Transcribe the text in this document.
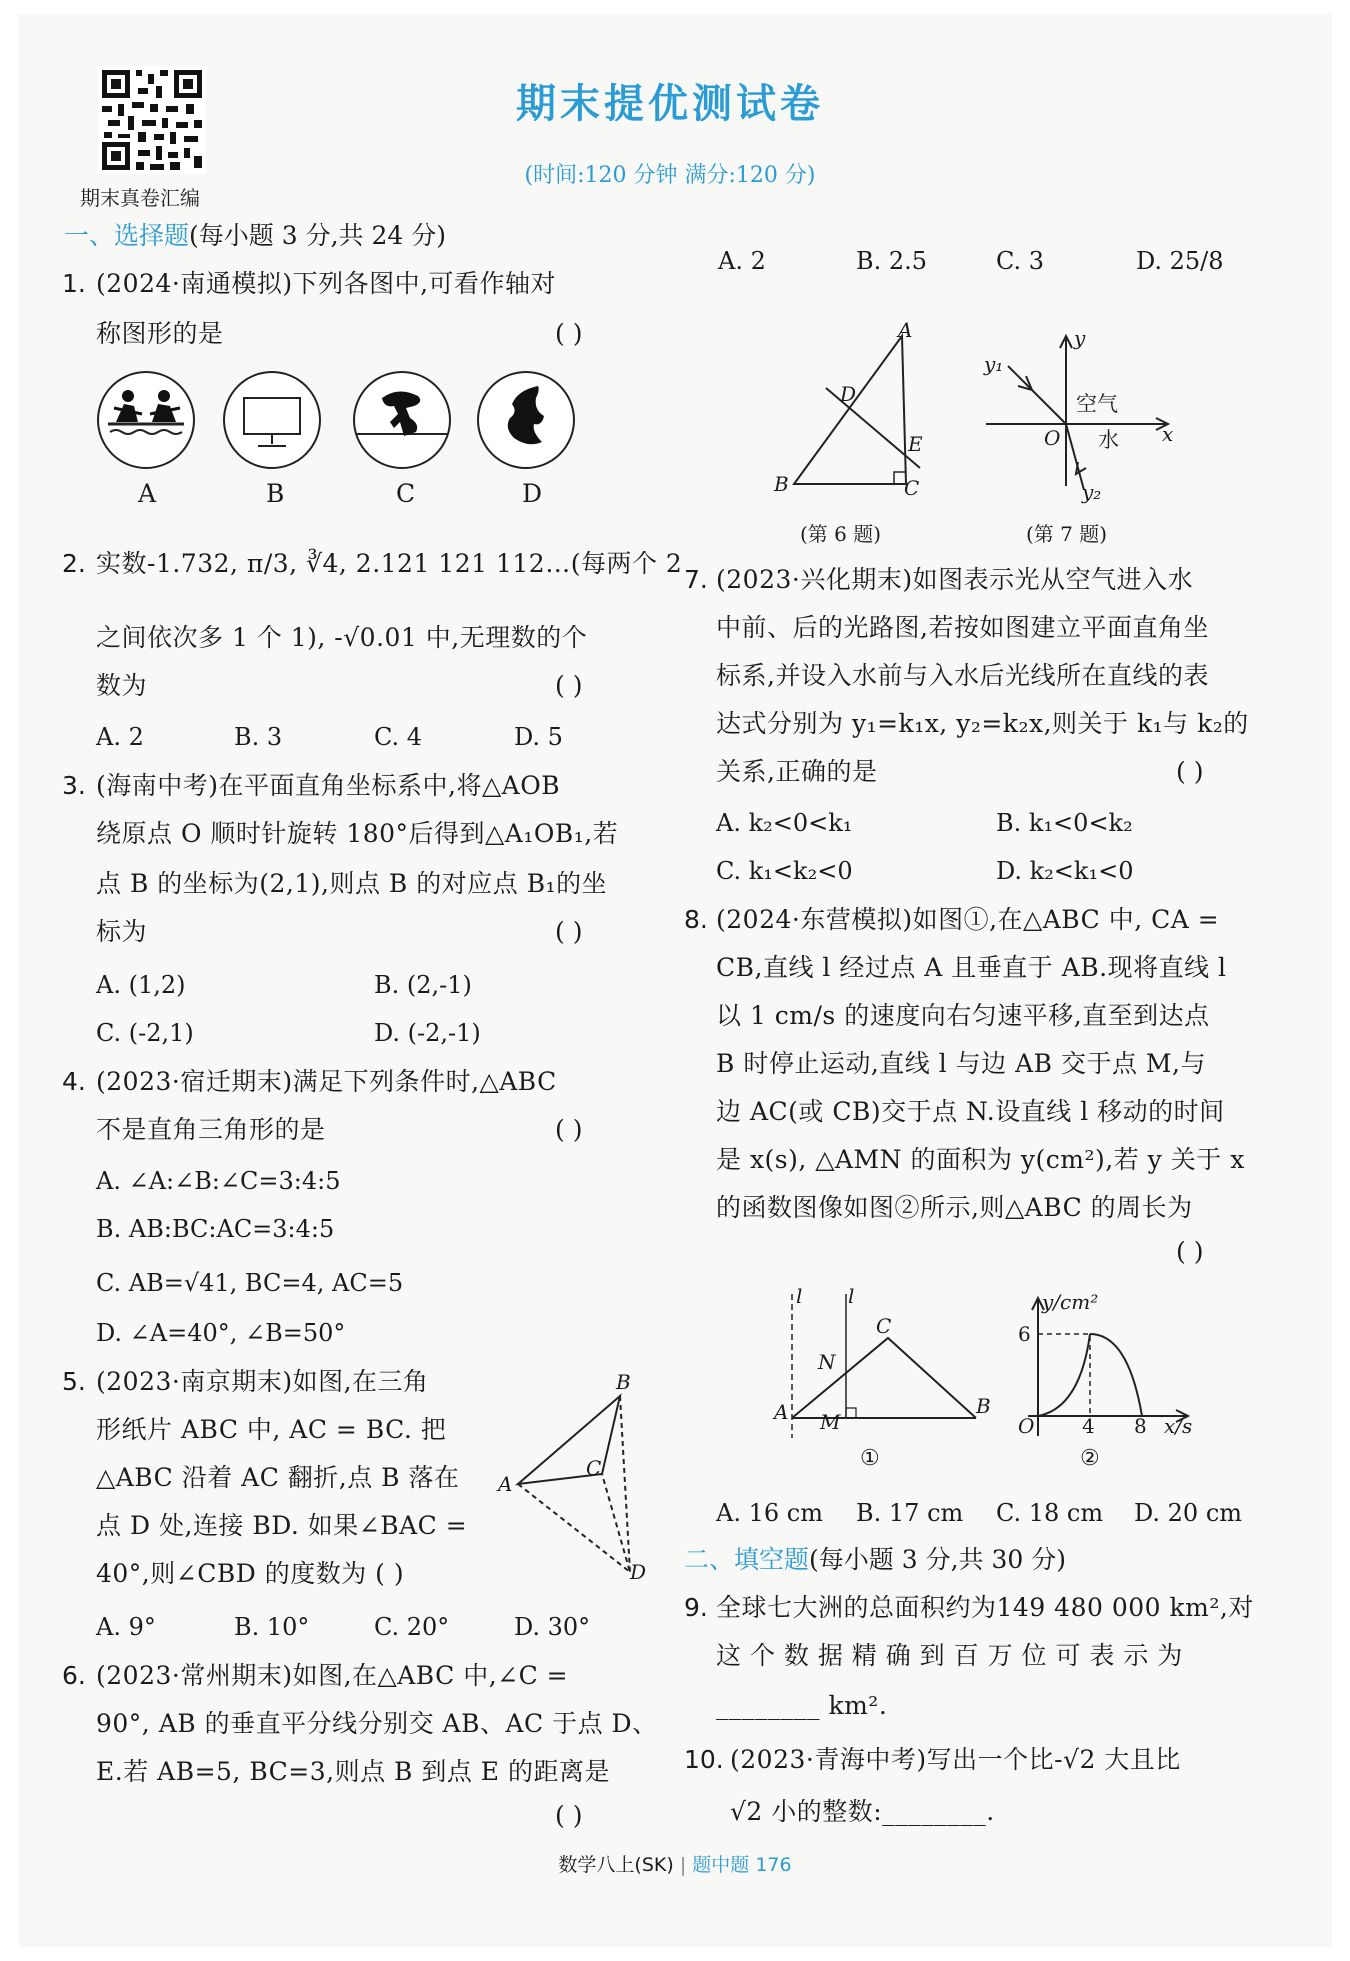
期末真卷汇编
期末提优测试卷
(时间:120 分钟 满分:120 分)
一、选择题(每小题 3 分,共 24 分)
1. (2024·南通模拟)下列各图中,可看作轴对
称图形的是	( )
A	B	C	D
2. 实数-1.732, π/3, ∛4, 2.121 121 112…(每两个 2
之间依次多 1 个 1), -√0.01 中,无理数的个
数为	( )
A. 2	B. 3	C. 4	D. 5
3. (海南中考)在平面直角坐标系中,将△AOB
绕原点 O 顺时针旋转 180°后得到△A₁OB₁,若
点 B 的坐标为(2,1),则点 B 的对应点 B₁的坐
标为	( )
A. (1,2)	B. (2,-1)
C. (-2,1)	D. (-2,-1)
4. (2023·宿迁期末)满足下列条件时,△ABC
不是直角三角形的是	( )
A. ∠A:∠B:∠C=3:4:5
B. AB:BC:AC=3:4:5
C. AB=√41, BC=4, AC=5
D. ∠A=40°, ∠B=50°
5. (2023·南京期末)如图,在三角
形纸片 ABC 中, AC = BC. 把
△ABC 沿着 AC 翻折,点 B 落在
点 D 处,连接 BD. 如果∠BAC =
40°,则∠CBD 的度数为 ( )
A. 9°	B. 10°	C. 20°	D. 30°
B
C
A
D
6. (2023·常州期末)如图,在△ABC 中,∠C =
90°, AB 的垂直平分线分别交 AB、AC 于点 D、
E.若 AB=5, BC=3,则点 B 到点 E 的距离是
( )
A. 2	B. 2.5	C. 3	D. 25/8
A
D
E
B	C
(第 6 题)
y
y₁
空气
O 水 x
y₂
(第 7 题)
7. (2023·兴化期末)如图表示光从空气进入水
中前、后的光路图,若按如图建立平面直角坐
标系,并设入水前与入水后光线所在直线的表
达式分别为 y₁=k₁x, y₂=k₂x,则关于 k₁与 k₂的
关系,正确的是	( )
A. k₂<0<k₁	B. k₁<0<k₂
C. k₁<k₂<0	D. k₂<k₁<0
8. (2024·东营模拟)如图①,在△ABC 中, CA =
CB,直线 l 经过点 A 且垂直于 AB.现将直线 l
以 1 cm/s 的速度向右匀速平移,直至到达点
B 时停止运动,直线 l 与边 AB 交于点 M,与
边 AC(或 CB)交于点 N.设直线 l 移动的时间
是 x(s), △AMN 的面积为 y(cm²),若 y 关于 x
的函数图像如图②所示,则△ABC 的周长为
( )
l l
C
N
A M
B
①
y/cm²
6
O 4 8 x/s
②
A. 16 cm B. 17 cm C. 18 cm D. 20 cm
二、填空题(每小题 3 分,共 30 分)
9. 全球七大洲的总面积约为149 480 000 km²,对
这 个 数 据 精 确 到 百 万 位 可 表 示 为
________ km².
10. (2023·青海中考)写出一个比-√2 大且比
√2 小的整数:________.
数学八上(SK) | 题中题 176
